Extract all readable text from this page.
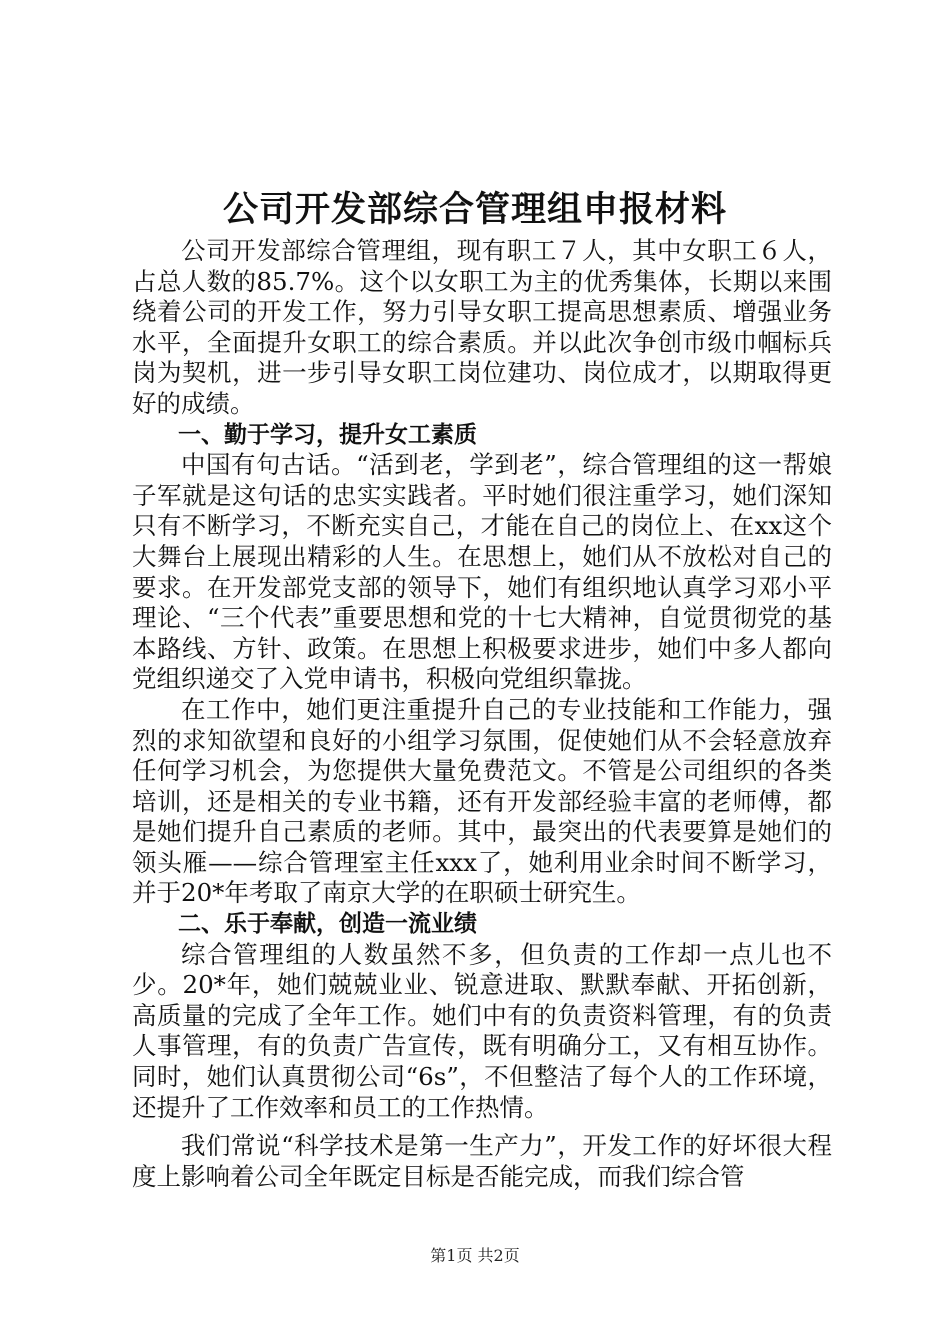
公司开发部综合管理组申报材料

公司开发部综合管理组，现有职工７人，其中女职工６人，占总人数的85.7%。这个以女职工为主的优秀集体，长期以来围绕着公司的开发工作，努力引导女职工提高思想素质、增强业务水平，全面提升女职工的综合素质。并以此次争创市级巾帼标兵岗为契机，进一步引导女职工岗位建功、岗位成才，以期取得更好的成绩。

一、勤于学习，提升女工素质

中国有句古话。“活到老，学到老”，综合管理组的这一帮娘子军就是这句话的忠实实践者。平时她们很注重学习，她们深知只有不断学习，不断充实自己，才能在自己的岗位上、在xx这个大舞台上展现出精彩的人生。在思想上，她们从不放松对自己的要求。在开发部党支部的领导下，她们有组织地认真学习邓小平理论、“三个代表”重要思想和党的十七大精神，自觉贯彻党的基本路线、方针、政策。在思想上积极要求进步，她们中多人都向党组织递交了入党申请书，积极向党组织靠拢。

在工作中，她们更注重提升自己的专业技能和工作能力，强烈的求知欲望和良好的小组学习氛围，促使她们从不会轻意放弃任何学习机会，为您提供大量免费范文。不管是公司组织的各类培训，还是相关的专业书籍，还有开发部经验丰富的老师傅，都是她们提升自己素质的老师。其中，最突出的代表要算是她们的领头雁——综合管理室主任xxx了，她利用业余时间不断学习，并于20*年考取了南京大学的在职硕士研究生。

二、乐于奉献，创造一流业绩

综合管理组的人数虽然不多，但负责的工作却一点儿也不少。20*年，她们兢兢业业、锐意进取、默默奉献、开拓创新，高质量的完成了全年工作。她们中有的负责资料管理，有的负责人事管理，有的负责广告宣传，既有明确分工，又有相互协作。同时，她们认真贯彻公司“6s”，不但整洁了每个人的工作环境，还提升了工作效率和员工的工作热情。

我们常说“科学技术是第一生产力”，开发工作的好坏很大程度上影响着公司全年既定目标是否能完成，而我们综合管

第1页 共2页
